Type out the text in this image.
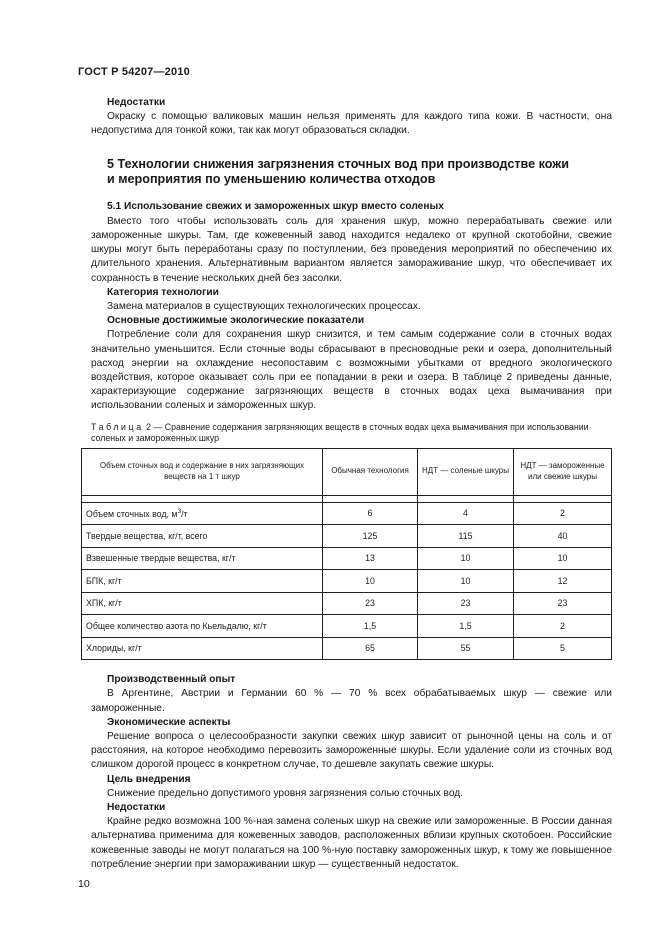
ГОСТ Р 54207—2010
Недостатки

Окраску с помощью валиковых машин нельзя применять для каждого типа кожи. В частности, она недопустима для тонкой кожи, так как могут образоваться складки.

5 Технологии снижения загрязнения сточных вод при производстве кожи
и мероприятия по уменьшению количества отходов
5.1 Использование свежих и замороженных шкур вместо соленых

Вместо того чтобы использовать соль для хранения шкур, можно перерабатывать свежие или замороженные шкуры. Там, где кожевенный завод находится недалеко от крупной скотобойни, свежие шкуры могут быть переработаны сразу по поступлении, без проведения мероприятий по обеспечению их длительного хранения. Альтернативным вариантом является замораживание шкур, что обеспечивает их сохранность в течение нескольких дней без засолки.

Категория технологии

Замена материалов в существующих технологических процессах.

Основные достижимые экологические показатели

Потребление соли для сохранения шкур снизится, и тем самым содержание соли в сточных водах значительно уменьшится. Если сточные воды сбрасывают в пресноводные реки и озера, дополнительный расход энергии на охлаждение несопоставим с возможными убытками от вредного экологического воздействия, которое оказывает соль при ее попадании в реки и озера. В таблице 2 приведены данные, характеризующие содержание загрязняющих веществ в сточных водах цеха вымачивания при использовании соленых и замороженных шкур.

Таблица 2 — Сравнение содержания загрязняющих веществ в сточных водах цеха вымачивания при использовании соленых и замороженных шкур
Объем сточных вод и содержание в них загрязняющих веществ на 1 т шкур	Обычная технология	НДТ — соленые шкуры	НДТ — замороженные или свежие шкуры

Объем сточных вод, $м^3/т$	6	4	2
Твердые вещества, кг/т, всего	125	115	40
Взвешенные твердые вещества, кг/т	13	10	10
БПК, кг/т	10	10	12
ХПК, кг/т	23	23	23
Общее количество азота по Кьельдалю, кг/т	1,5	1,5	2
Хлориды, кг/т	65	55	5
Производственный опыт

В Аргентине, Австрии и Германии 60 % — 70 % всех обрабатываемых шкур — свежие или замороженные.

Экономические аспекты

Решение вопроса о целесообразности закупки свежих шкур зависит от рыночной цены на соль и от расстояния, на которое необходимо перевозить замороженные шкуры. Если удаление соли из сточных вод слишком дорогой процесс в конкретном случае, то дешевле закупать свежие шкуры.

Цель внедрения

Снижение предельно допустимого уровня загрязнения солью сточных вод.

Недостатки

Крайне редко возможна 100 %-ная замена соленых шкур на свежие или замороженные. В России данная альтернатива применима для кожевенных заводов, расположенных вблизи крупных скотобоен. Российские кожевенные заводы не могут полагаться на 100 %-ную поставку замороженных шкур, к тому же повышенное потребление энергии при замораживании шкур — существенный недостаток.

10
